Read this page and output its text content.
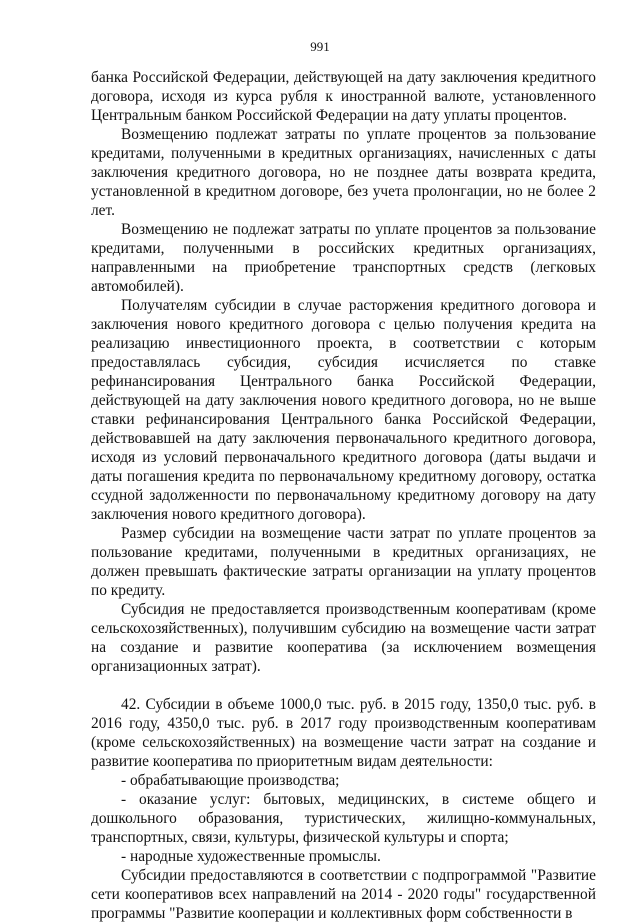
991

банка Российской Федерации, действующей на дату заключения кредитного договора, исходя из курса рубля к иностранной валюте, установленного Центральным банком Российской Федерации на дату уплаты процентов.

Возмещению подлежат затраты по уплате процентов за пользование кредитами, полученными в кредитных организациях, начисленных с даты заключения кредитного договора, но не позднее даты возврата кредита, установленной в кредитном договоре, без учета пролонгации, но не более 2 лет.

Возмещению не подлежат затраты по уплате процентов за пользование кредитами, полученными в российских кредитных организациях, направленными на приобретение транспортных средств (легковых автомобилей).

Получателям субсидии в случае расторжения кредитного договора и заключения нового кредитного договора с целью получения кредита на реализацию инвестиционного проекта, в соответствии с которым предоставлялась субсидия, субсидия исчисляется по ставке рефинансирования Центрального банка Российской Федерации, действующей на дату заключения нового кредитного договора, но не выше ставки рефинансирования Центрального банка Российской Федерации, действовавшей на дату заключения первоначального кредитного договора, исходя из условий первоначального кредитного договора (даты выдачи и даты погашения кредита по первоначальному кредитному договору, остатка ссудной задолженности по первоначальному кредитному договору на дату заключения нового кредитного договора).

Размер субсидии на возмещение части затрат по уплате процентов за пользование кредитами, полученными в кредитных организациях, не должен превышать фактические затраты организации на уплату процентов по кредиту.

Субсидия не предоставляется производственным кооперативам (кроме сельскохозяйственных), получившим субсидию на возмещение части затрат на создание и развитие кооператива (за исключением возмещения организационных затрат).

42. Субсидии в объеме 1000,0 тыс. руб. в 2015 году, 1350,0 тыс. руб. в 2016 году, 4350,0 тыс. руб. в 2017 году производственным кооперативам (кроме сельскохозяйственных) на возмещение части затрат на создание и развитие кооператива по приоритетным видам деятельности:

- обрабатывающие производства;

- оказание услуг: бытовых, медицинских, в системе общего и дошкольного образования, туристических, жилищно-коммунальных, транспортных, связи, культуры, физической культуры и спорта;

- народные художественные промыслы.

Субсидии предоставляются в соответствии с подпрограммой "Развитие сети кооперативов всех направлений на 2014 - 2020 годы" государственной программы "Развитие кооперации и коллективных форм собственности в
